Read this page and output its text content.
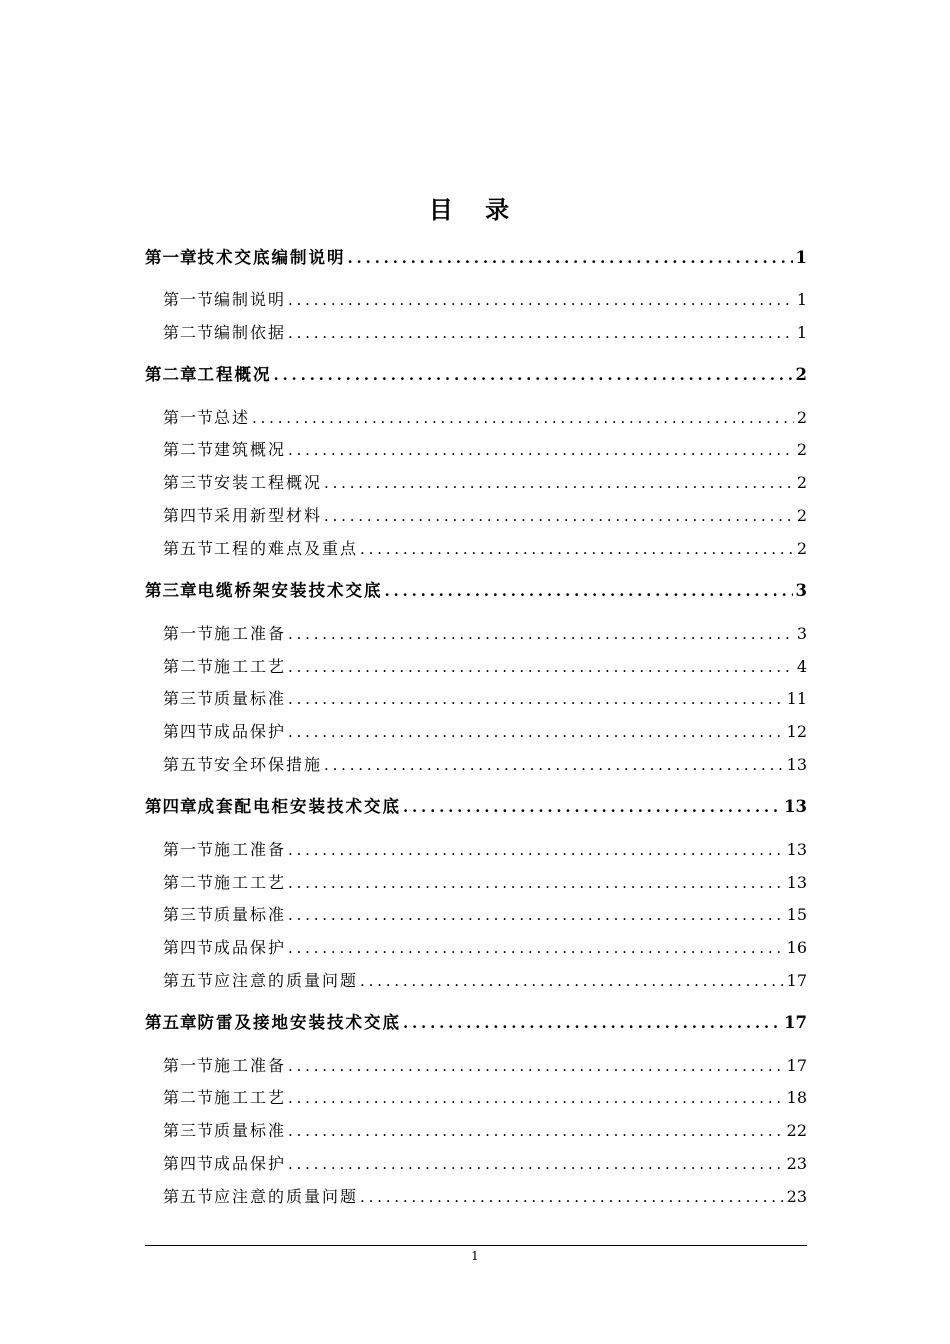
目 录
第一章 技术交底编制说明 .....	1
第一节 编制说明 .....	1
第二节 编制依据 .....	1
第二章 工程概况 .....	2
第一节 总述 .....	2
第二节 建筑概况 .....	2
第三节 安装工程概况 .....	2
第四节 采用新型材料 .....	2
第五节 工程的难点及重点 .....	2
第三章 电缆桥架安装技术交底 .....	3
第一节 施工准备 .....	3
第二节 施工工艺 .....	4
第三节 质量标准 .....	11
第四节 成品保护 .....	12
第五节 安全环保措施 .....	13
第四章 成套配电柜安装技术交底 .....	13
第一节 施工准备 .....	13
第二节 施工工艺 .....	13
第三节 质量标准 .....	15
第四节 成品保护 .....	16
第五节 应注意的质量问题 .....	17
第五章 防雷及接地安装技术交底 .....	17
第一节 施工准备 .....	17
第二节 施工工艺 .....	18
第三节 质量标准 .....	22
第四节 成品保护 .....	23
第五节 应注意的质量问题 .....	23
1
